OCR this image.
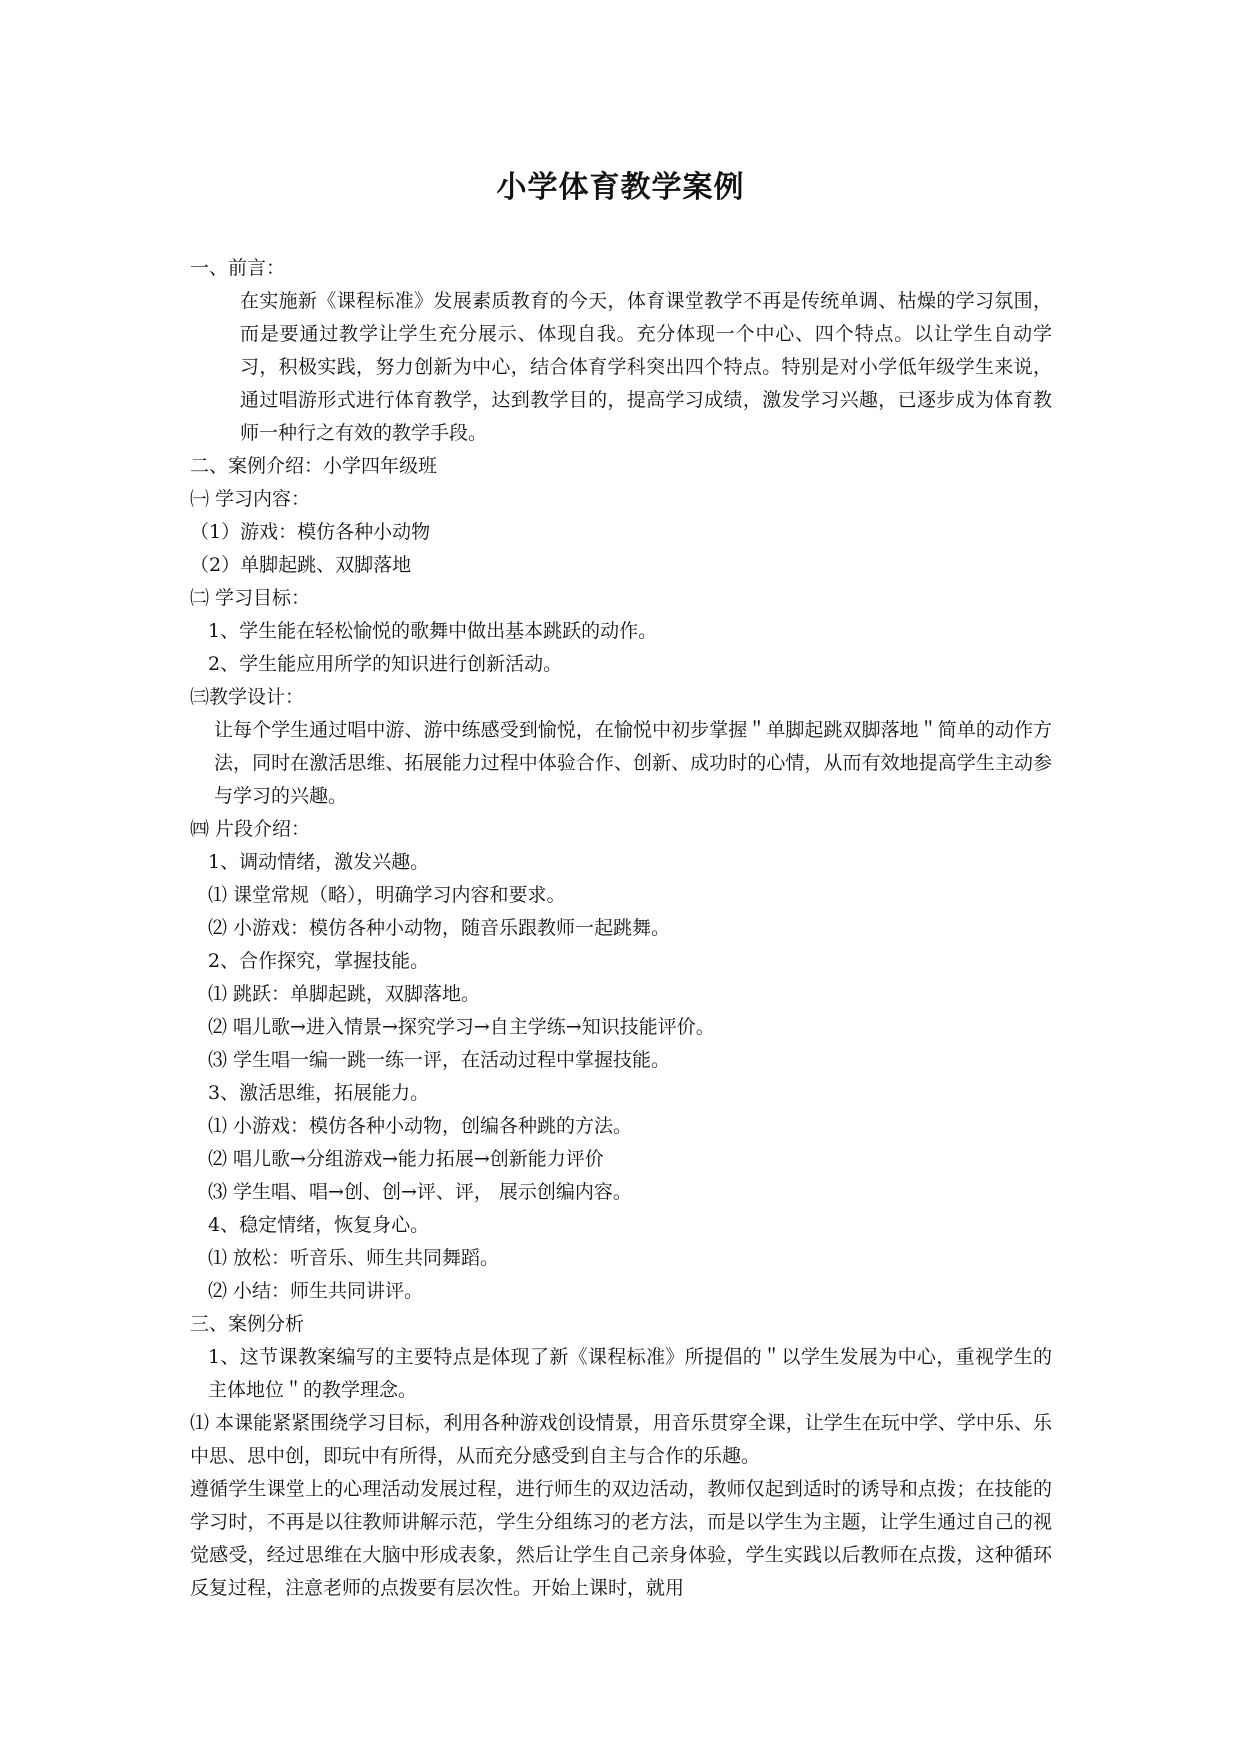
小学体育教学案例

一、前言：

在实施新《课程标准》发展素质教育的今天，体育课堂教学不再是传统单调、枯燥的学习氛围，而是要通过教学让学生充分展示、体现自我。充分体现一个中心、四个特点。以让学生自动学习，积极实践，努力创新为中心，结合体育学科突出四个特点。特别是对小学低年级学生来说，通过唱游形式进行体育教学，达到教学目的，提高学习成绩，激发学习兴趣，已逐步成为体育教师一种行之有效的教学手段。

二、案例介绍：小学四年级班

㈠ 学习内容：

（1）游戏：模仿各种小动物

（2）单脚起跳、双脚落地

㈡ 学习目标：

1、学生能在轻松愉悦的歌舞中做出基本跳跃的动作。

2、学生能应用所学的知识进行创新活动。

㈢教学设计：

让每个学生通过唱中游、游中练感受到愉悦，在愉悦中初步掌握＂单脚起跳双脚落地＂简单的动作方法，同时在激活思维、拓展能力过程中体验合作、创新、成功时的心情，从而有效地提高学生主动参与学习的兴趣。

㈣ 片段介绍：

1、调动情绪，激发兴趣。

⑴ 课堂常规（略），明确学习内容和要求。

⑵ 小游戏：模仿各种小动物，随音乐跟教师一起跳舞。

2、合作探究，掌握技能。

⑴ 跳跃：单脚起跳，双脚落地。

⑵ 唱儿歌→进入情景→探究学习→自主学练→知识技能评价。

⑶ 学生唱一编一跳一练一评，在活动过程中掌握技能。

3、激活思维，拓展能力。

⑴ 小游戏：模仿各种小动物，创编各种跳的方法。

⑵ 唱儿歌→分组游戏→能力拓展→创新能力评价

⑶ 学生唱、唱→创、创→评、评， 展示创编内容。

4、稳定情绪，恢复身心。

⑴ 放松：听音乐、师生共同舞蹈。

⑵ 小结：师生共同讲评。

三、案例分析

1、这节课教案编写的主要特点是体现了新《课程标准》所提倡的＂以学生发展为中心，重视学生的主体地位＂的教学理念。

⑴ 本课能紧紧围绕学习目标，利用各种游戏创设情景，用音乐贯穿全课，让学生在玩中学、学中乐、乐中思、思中创，即玩中有所得，从而充分感受到自主与合作的乐趣。

遵循学生课堂上的心理活动发展过程，进行师生的双边活动，教师仅起到适时的诱导和点拨；在技能的学习时，不再是以往教师讲解示范，学生分组练习的老方法，而是以学生为主题，让学生通过自己的视觉感受，经过思维在大脑中形成表象，然后让学生自己亲身体验，学生实践以后教师在点拨，这种循环反复过程，注意老师的点拨要有层次性。开始上课时，就用
